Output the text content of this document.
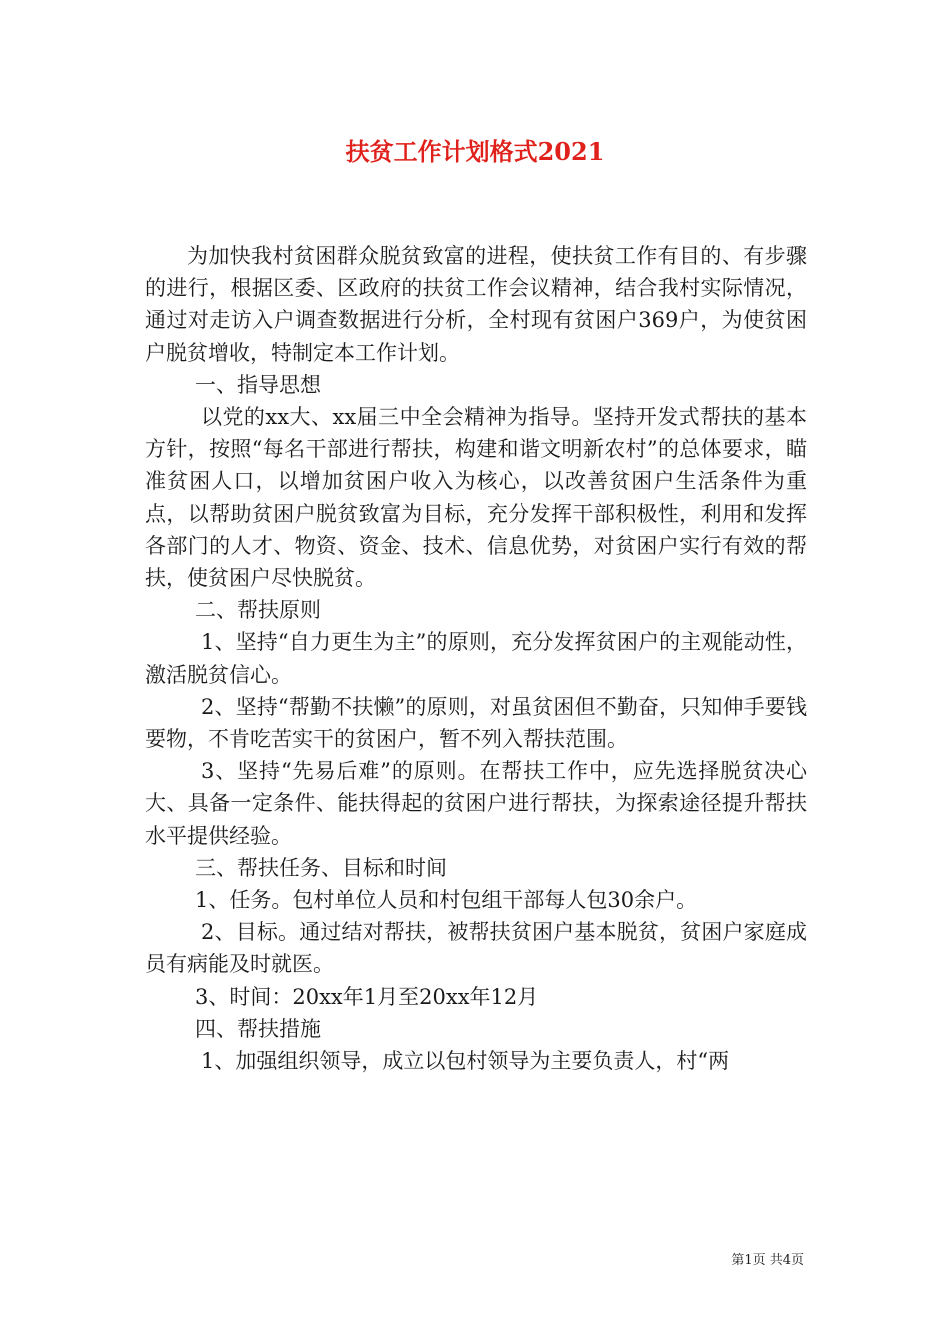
扶贫工作计划格式2021

为加快我村贫困群众脱贫致富的进程，使扶贫工作有目的、有步骤的进行，根据区委、区政府的扶贫工作会议精神，结合我村实际情况，通过对走访入户调查数据进行分析，全村现有贫困户369户，为使贫困户脱贫增收，特制定本工作计划。

一、指导思想

以党的xx大、xx届三中全会精神为指导。坚持开发式帮扶的基本方针，按照“每名干部进行帮扶，构建和谐文明新农村”的总体要求，瞄准贫困人口，以增加贫困户收入为核心，以改善贫困户生活条件为重点，以帮助贫困户脱贫致富为目标，充分发挥干部积极性，利用和发挥各部门的人才、物资、资金、技术、信息优势，对贫困户实行有效的帮扶，使贫困户尽快脱贫。

二、帮扶原则

1、坚持“自力更生为主”的原则，充分发挥贫困户的主观能动性，激活脱贫信心。

2、坚持“帮勤不扶懒”的原则，对虽贫困但不勤奋，只知伸手要钱要物，不肯吃苦实干的贫困户，暂不列入帮扶范围。

3、坚持“先易后难”的原则。在帮扶工作中，应先选择脱贫决心大、具备一定条件、能扶得起的贫困户进行帮扶，为探索途径提升帮扶水平提供经验。

三、帮扶任务、目标和时间

1、任务。包村单位人员和村包组干部每人包30余户。

2、目标。通过结对帮扶，被帮扶贫困户基本脱贫，贫困户家庭成员有病能及时就医。

3、时间：20xx年1月至20xx年12月

四、帮扶措施

1、加强组织领导，成立以包村领导为主要负责人，村“两

第1页 共4页
